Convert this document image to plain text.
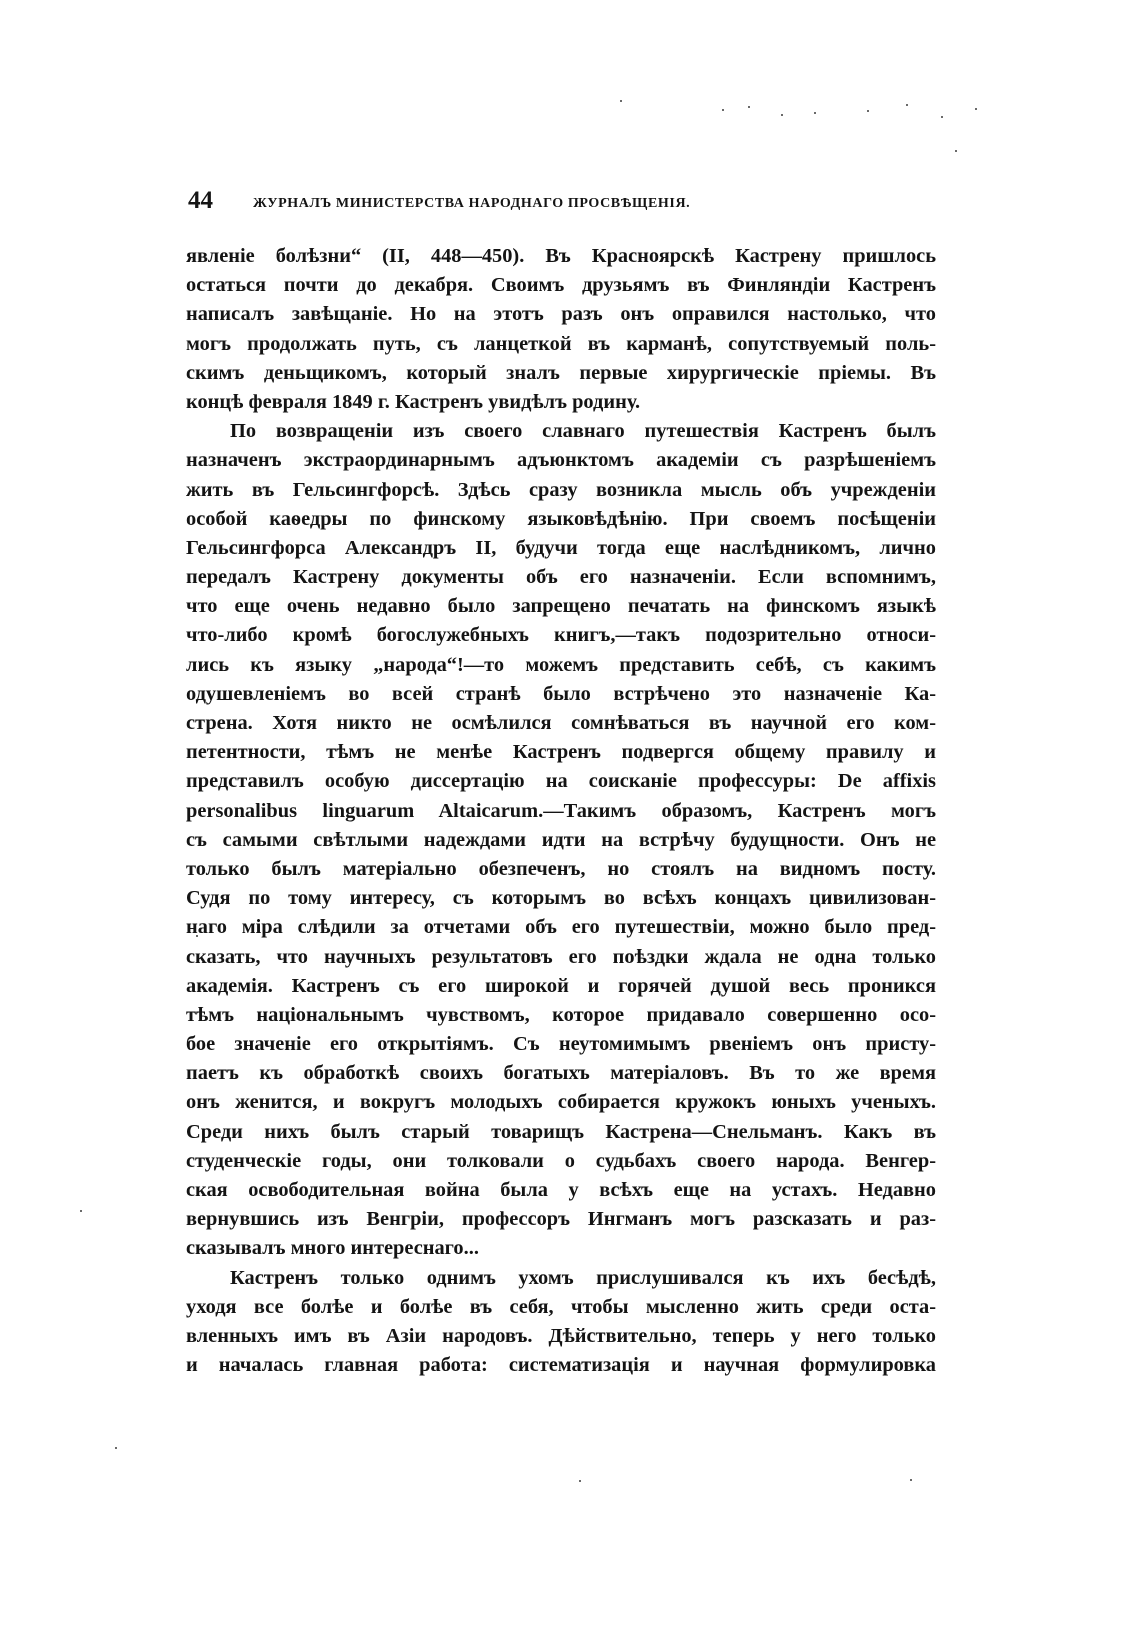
44	ЖУРНАЛЪ МИНИСТЕРСТВА НАРОДНАГО ПРОСВѢЩЕНІЯ.
явленіе болѣзни“ (II, 448—450). Въ Красноярскѣ Кастрену пришлось
остаться почти до декабря. Своимъ друзьямъ въ Финляндіи Кастренъ
написалъ завѣщаніе. Но на этотъ разъ онъ оправился настолько, что
могъ продолжать путь, съ ланцеткой въ карманѣ, сопутствуемый поль-
скимъ деньщикомъ, который зналъ первые хирургическіе пріемы. Въ
концѣ февраля 1849 г. Кастренъ увидѣлъ родину.
По возвращеніи изъ своего славнаго путешествія Кастренъ былъ
назначенъ экстраординарнымъ адъюнктомъ академіи съ разрѣшеніемъ
жить въ Гельсингфорсѣ. Здѣсь сразу возникла мысль объ учрежденіи
особой каѳедры по финскому языковѣдѣнію. При своемъ посѣщеніи
Гельсингфорса Александръ II, будучи тогда еще наслѣдникомъ, лично
передалъ Кастрену документы объ его назначеніи. Если вспомнимъ,
что еще очень недавно было запрещено печатать на финскомъ языкѣ
что-либо кромѣ богослужебныхъ книгъ,—такъ подозрительно относи-
лись къ языку „народа“!—то можемъ представить себѣ, съ какимъ
одушевленіемъ во всей странѣ было встрѣчено это назначеніе Ка-
стрена. Хотя никто не осмѣлился сомнѣваться въ научной его ком-
петентности, тѣмъ не менѣе Кастренъ подвергся общему правилу и
представилъ особую диссертацію на соисканіе профессуры: De affixis
personalibus linguarum Altaicarum.—Такимъ образомъ, Кастренъ могъ
съ самыми свѣтлыми надеждами идти на встрѣчу будущности. Онъ не
только былъ матеріально обезпеченъ, но стоялъ на видномъ посту.
Судя по тому интересу, съ которымъ во всѣхъ концахъ цивилизован-
наго міра слѣдили за отчетами объ его путешествіи, можно было пред-
сказать, что научныхъ результатовъ его поѣздки ждала не одна только
академія. Кастренъ съ его широкой и горячей душой весь проникся
тѣмъ національнымъ чувствомъ, которое придавало совершенно осо-
бое значеніе его открытіямъ. Съ неутомимымъ рвеніемъ онъ присту-
паетъ къ обработкѣ своихъ богатыхъ матеріаловъ. Въ то же время
онъ женится, и вокругъ молодыхъ собирается кружокъ юныхъ ученыхъ.
Среди нихъ былъ старый товарищъ Кастрена—Снельманъ. Какъ въ
студенческіе годы, они толковали о судьбахъ своего народа. Венгер-
ская освободительная война была у всѣхъ еще на устахъ. Недавно
вернувшись изъ Венгріи, профессоръ Ингманъ могъ разсказать и раз-
сказывалъ много интереснаго...
Кастренъ только однимъ ухомъ прислушивался къ ихъ бесѣдѣ,
уходя все болѣе и болѣе въ себя, чтобы мысленно жить среди оста-
вленныхъ имъ въ Азіи народовъ. Дѣйствительно, теперь у него только
и началась главная работа: систематизація и научная формулировка
